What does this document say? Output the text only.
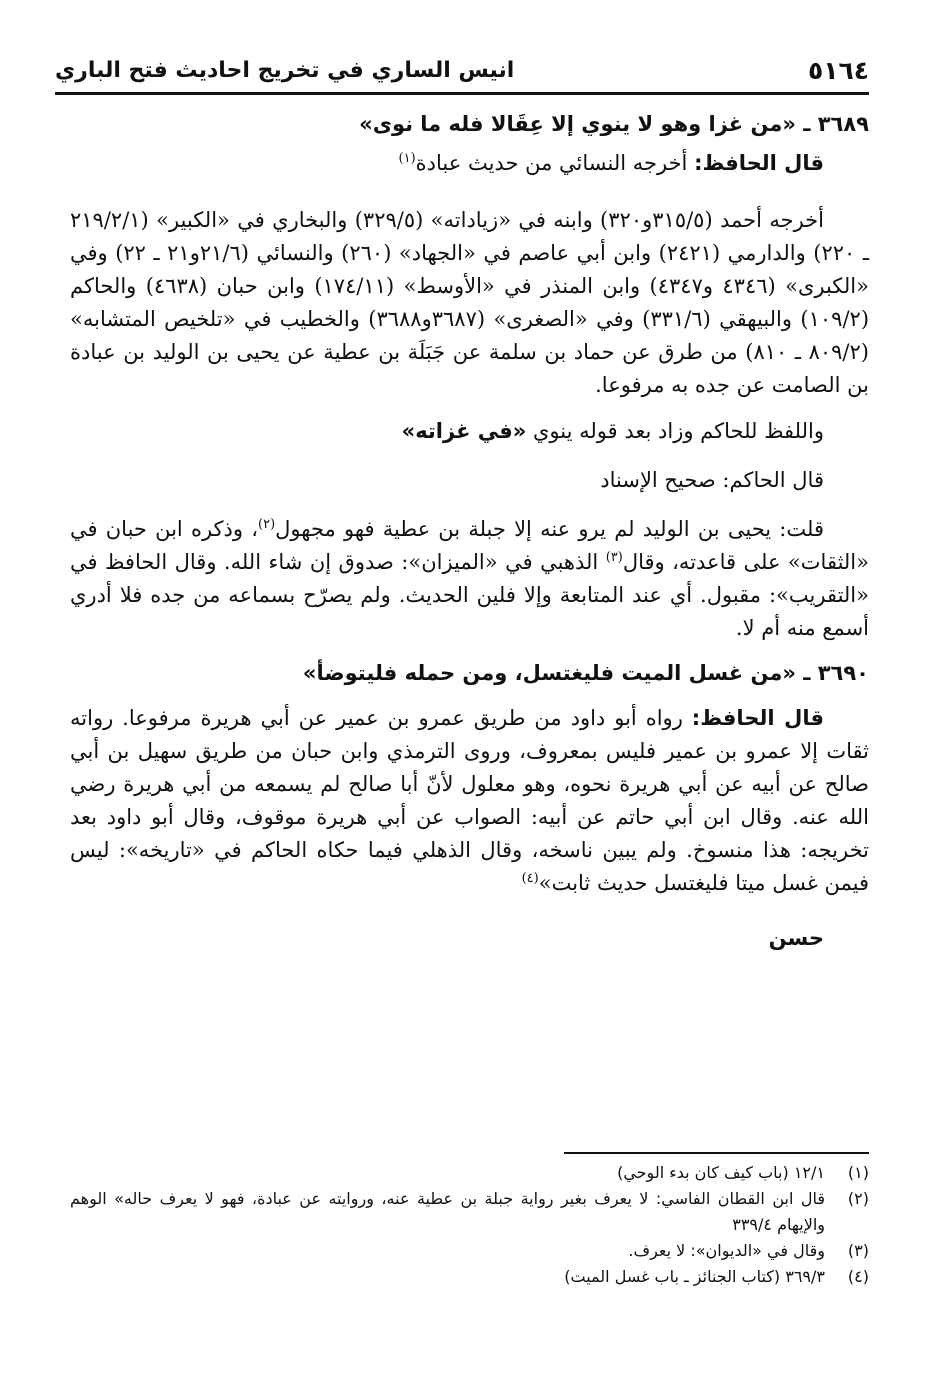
٥١٦٤
انيس الساري في تخريج احاديث فتح الباري

٣٦٨٩ ـ «من غزا وهو لا ينوي إلا عِقَالا فله ما نوى»

قال الحافظ: أخرجه النسائي من حديث عبادة$^{(١)}$

أخرجه أحمد (٣١٥/٥و٣٢٠) وابنه في «زياداته» (٣٢٩/٥) والبخاري في «الكبير» (٢١٩/٢/١ ـ ٢٢٠) والدارمي (٢٤٢١) وابن أبي عاصم في «الجهاد» (٢٦٠) والنسائي (٢١/٦و٢١ ـ ٢٢) وفي «الكبرى» (٤٣٤٦ و٤٣٤٧) وابن المنذر في «الأوسط» (١٧٤/١١) وابن حبان (٤٦٣٨) والحاكم (١٠٩/٢) والبيهقي (٣٣١/٦) وفي «الصغرى» (٣٦٨٧و٣٦٨٨) والخطيب في «تلخيص المتشابه» (٨٠٩/٢ ـ ٨١٠) من طرق عن حماد بن سلمة عن جَبَلَة بن عطية عن يحيى بن الوليد بن عبادة بن الصامت عن جده به مرفوعا.

واللفظ للحاكم وزاد بعد قوله ينوي «في غزاته»

قال الحاكم: صحيح الإسناد

قلت: يحيى بن الوليد لم يرو عنه إلا جبلة بن عطية فهو مجهول$^{(٢)}$، وذكره ابن حبان في «الثقات» على قاعدته، وقال$^{(٣)}$ الذهبي في «الميزان»: صدوق إن شاء الله. وقال الحافظ في «التقريب»: مقبول. أي عند المتابعة وإلا فلين الحديث. ولم يصرّح بسماعه من جده فلا أدري أسمع منه أم لا.

٣٦٩٠ ـ «من غسل الميت فليغتسل، ومن حمله فليتوضأ»

قال الحافظ: رواه أبو داود من طريق عمرو بن عمير عن أبي هريرة مرفوعا. رواته ثقات إلا عمرو بن عمير فليس بمعروف، وروى الترمذي وابن حبان من طريق سهيل بن أبي صالح عن أبيه عن أبي هريرة نحوه، وهو معلول لأنّ أبا صالح لم يسمعه من أبي هريرة رضي الله عنه. وقال ابن أبي حاتم عن أبيه: الصواب عن أبي هريرة موقوف، وقال أبو داود بعد تخريجه: هذا منسوخ. ولم يبين ناسخه، وقال الذهلي فيما حكاه الحاكم في «تاريخه»: ليس فيمن غسل ميتا فليغتسل حديث ثابت»$^{(٤)}$

حسن

(١)
١٢/١ (باب كيف كان بدء الوحي)
(٢)
قال ابن القطان الفاسي: لا يعرف بغير رواية جبلة بن عطية عنه، وروايته عن عبادة، فهو لا يعرف حاله» الوهم والإيهام ٣٣٩/٤
(٣)
وقال في «الديوان»: لا يعرف.
(٤)
٣٦٩/٣ (كتاب الجنائز ـ باب غسل الميت)
